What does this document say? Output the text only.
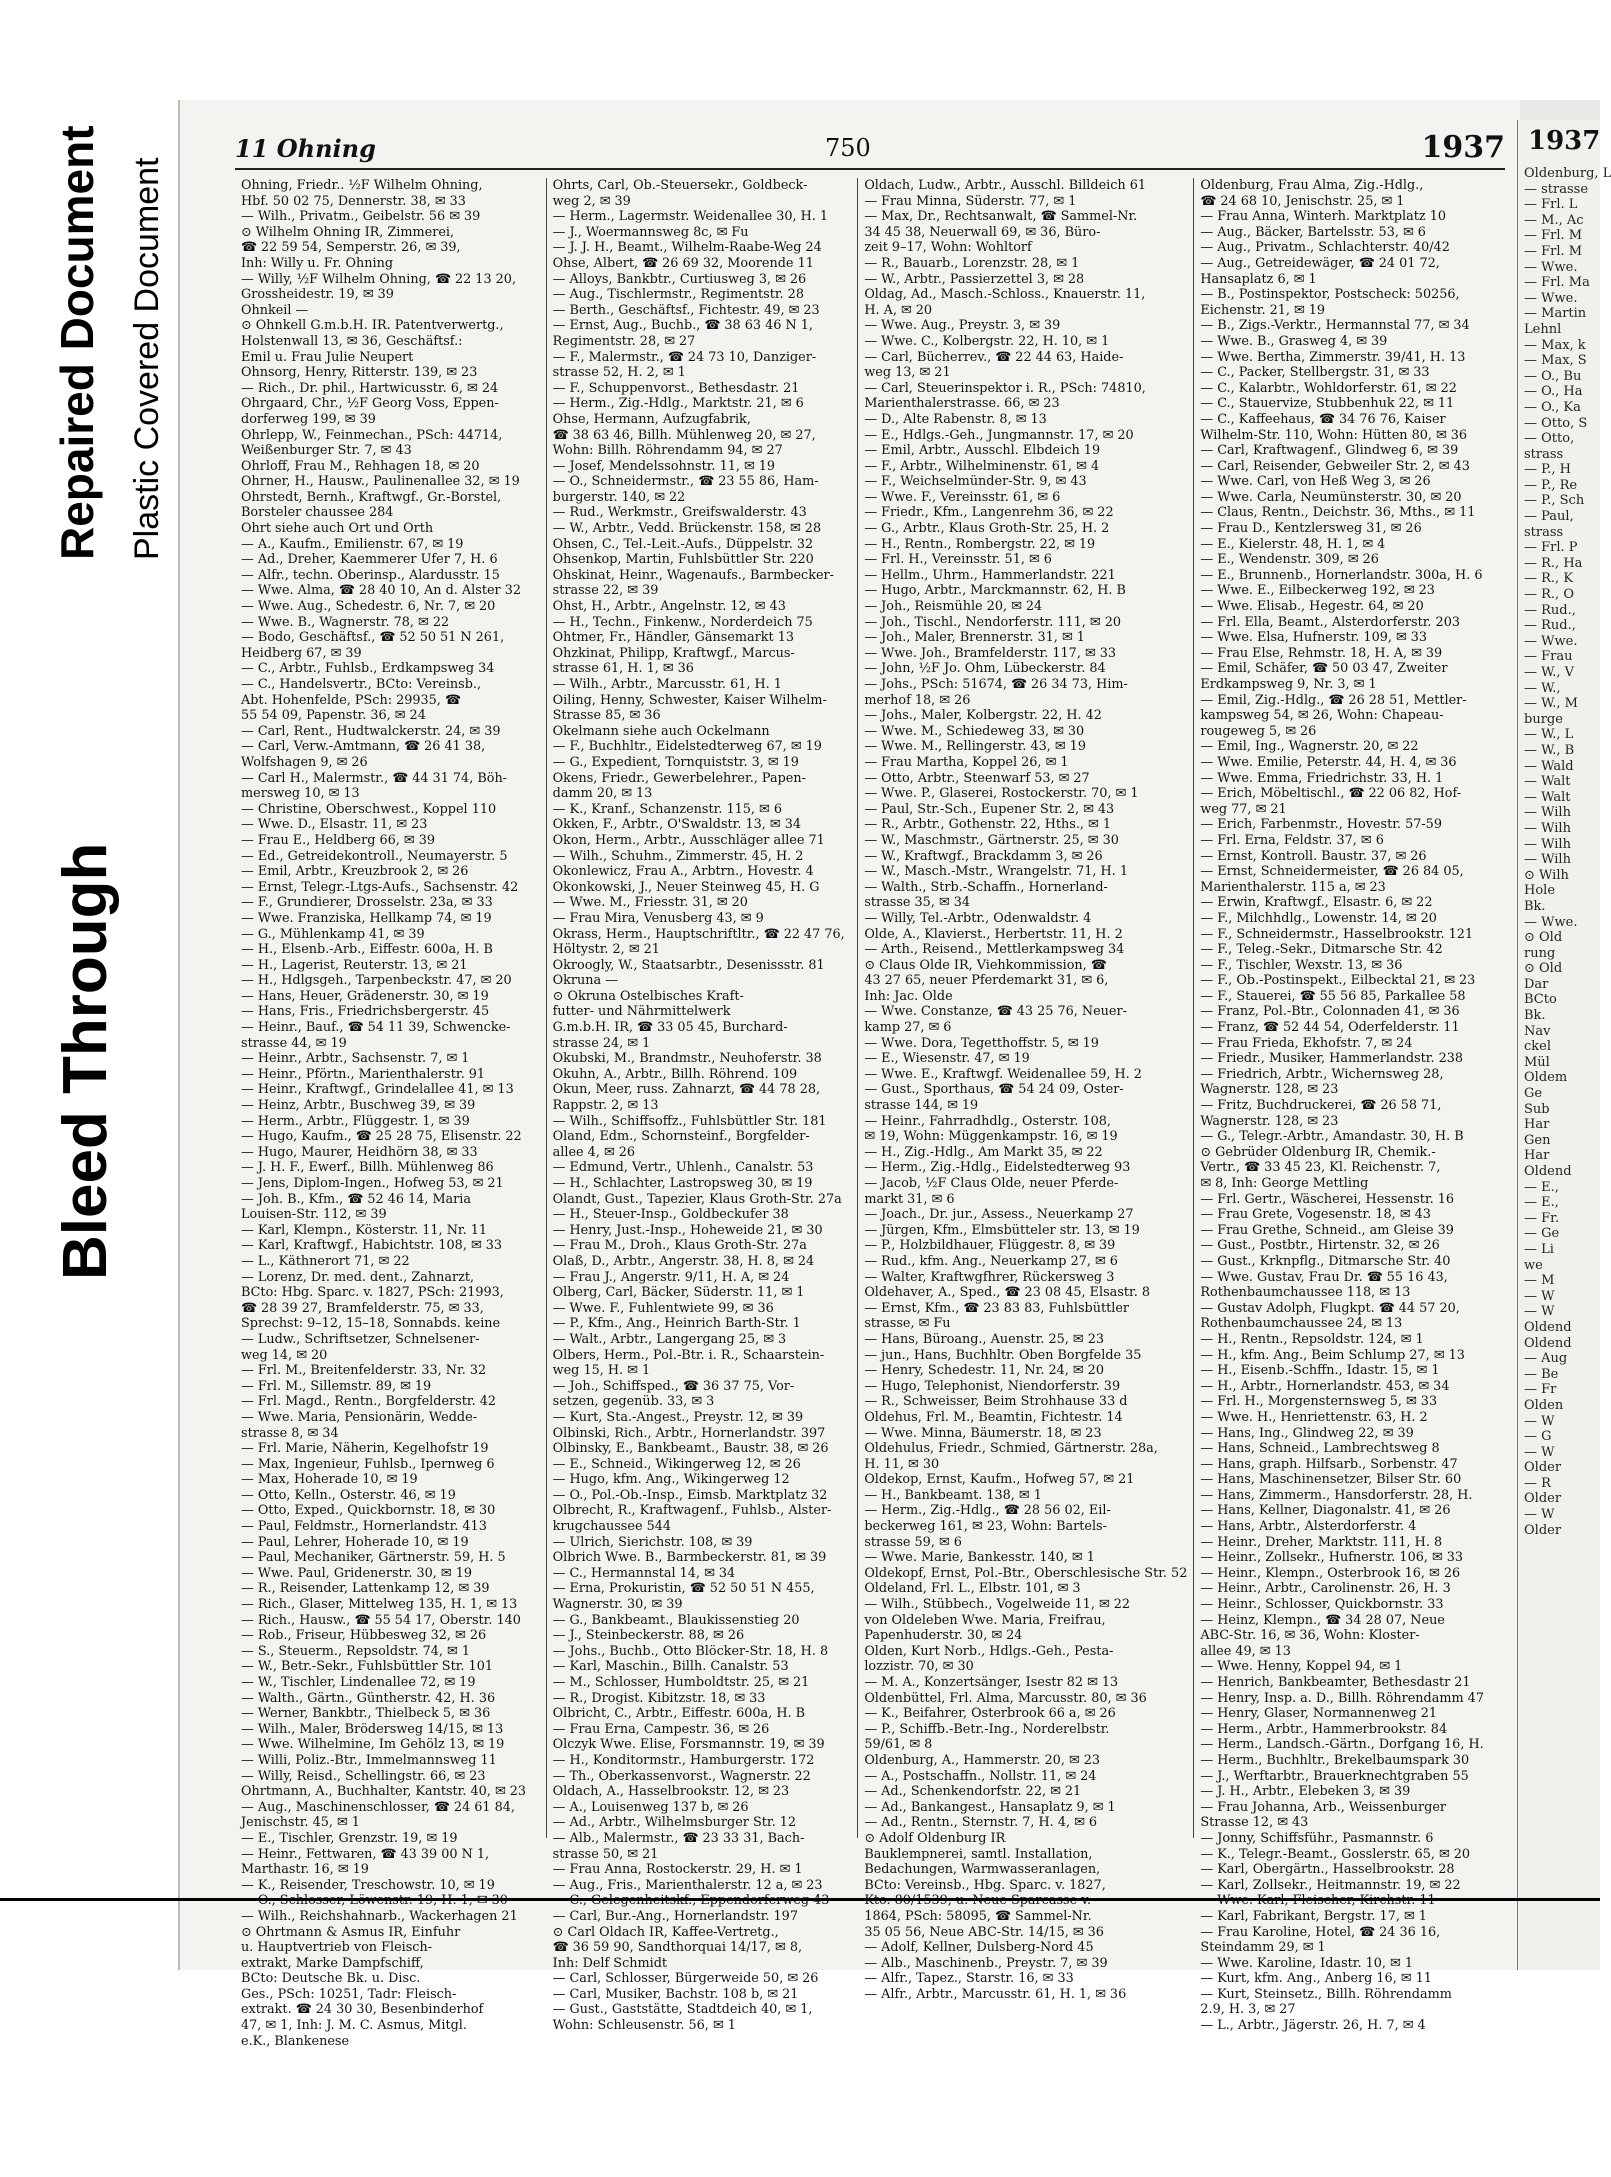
Bleed Through
Repaired Document Plastic Covered Document
11 Ohning	750	1937
Ohning, Friedr.. ½F Wilhelm Ohning,
Hbf. 50 02 75, Dennerstr. 38, ✉ 33
— Wilh., Privatm., Geibelstr. 56 ✉ 39
⊙ Wilhelm Ohning IR, Zimmerei,
☎ 22 59 54, Semperstr. 26, ✉ 39,
Inh: Willy u. Fr. Ohning
— Willy, ½F Wilhelm Ohning, ☎ 22 13 20,
Grossheidestr. 19, ✉ 39
Ohnkeil —
⊙ Ohnkell G.m.b.H. IR. Patentverwertg.,
Holstenwall 13, ✉ 36, Geschäftsf.:
Emil u. Frau Julie Neupert
Ohnsorg, Henry, Ritterstr. 139, ✉ 23
— Rich., Dr. phil., Hartwicusstr. 6, ✉ 24
Ohrgaard, Chr., ½F Georg Voss, Eppen-
dorferweg 199, ✉ 39
Ohrlepp, W., Feinmechan., PSch: 44714,
Weißenburger Str. 7, ✉ 43
Ohrloff, Frau M., Rehhagen 18, ✉ 20
Ohrner, H., Hausw., Paulinenallee 32, ✉ 19
Ohrstedt, Bernh., Kraftwgf., Gr.-Borstel,
Borsteler chaussee 284
Ohrt siehe auch Ort und Orth
— A., Kaufm., Emilienstr. 67, ✉ 19
— Ad., Dreher, Kaemmerer Ufer 7, H. 6
— Alfr., techn. Oberinsp., Alardusstr. 15
— Wwe. Alma, ☎ 28 40 10, An d. Alster 32
— Wwe. Aug., Schedestr. 6, Nr. 7, ✉ 20
— Wwe. B., Wagnerstr. 78, ✉ 22
— Bodo, Geschäftsf., ☎ 52 50 51 N 261,
Heidberg 67, ✉ 39
— C., Arbtr., Fuhlsb., Erdkampsweg 34
— C., Handelsvertr., BCto: Vereinsb.,
Abt. Hohenfelde, PSch: 29935, ☎
55 54 09, Papenstr. 36, ✉ 24
— Carl, Rent., Hudtwalckerstr. 24, ✉ 39
— Carl, Verw.-Amtmann, ☎ 26 41 38,
Wolfshagen 9, ✉ 26
— Carl H., Malermstr., ☎ 44 31 74, Böh-
mersweg 10, ✉ 13
— Christine, Oberschwest., Koppel 110
— Wwe. D., Elsastr. 11, ✉ 23
— Frau E., Heldberg 66, ✉ 39
— Ed., Getreidekontroll., Neumayerstr. 5
— Emil, Arbtr., Kreuzbrook 2, ✉ 26
— Ernst, Telegr.-Ltgs-Aufs., Sachsenstr. 42
— F., Grundierer, Drosselstr. 23a, ✉ 33
— Wwe. Franziska, Hellkamp 74, ✉ 19
— G., Mühlenkamp 41, ✉ 39
— H., Elsenb.-Arb., Eiffestr. 600a, H. B
— H., Lagerist, Reuterstr. 13, ✉ 21
— H., Hdlgsgeh., Tarpenbeckstr. 47, ✉ 20
— Hans, Heuer, Grädenerstr. 30, ✉ 19
— Hans, Fris., Friedrichsbergerstr. 45
— Heinr., Bauf., ☎ 54 11 39, Schwencke-
strasse 44, ✉ 19
— Heinr., Arbtr., Sachsenstr. 7, ✉ 1
— Heinr., Pförtn., Marienthalerstr. 91
— Heinr., Kraftwgf., Grindelallee 41, ✉ 13
— Heinz, Arbtr., Buschweg 39, ✉ 39
— Herm., Arbtr., Flüggestr. 1, ✉ 39
— Hugo, Kaufm., ☎ 25 28 75, Elisenstr. 22
— Hugo, Maurer, Heidhörn 38, ✉ 33
— J. H. F., Ewerf., Billh. Mühlenweg 86
— Jens, Diplom-Ingen., Hofweg 53, ✉ 21
— Joh. B., Kfm., ☎ 52 46 14, Maria
Louisen-Str. 112, ✉ 39
— Karl, Klempn., Kösterstr. 11, Nr. 11
— Karl, Kraftwgf., Habichtstr. 108, ✉ 33
— L., Käthnerort 71, ✉ 22
— Lorenz, Dr. med. dent., Zahnarzt,
BCto: Hbg. Sparc. v. 1827, PSch: 21993,
☎ 28 39 27, Bramfelderstr. 75, ✉ 33,
Sprechst: 9–12, 15–18, Sonnabds. keine
— Ludw., Schriftsetzer, Schnelsener-
weg 14, ✉ 20
— Frl. M., Breitenfelderstr. 33, Nr. 32
— Frl. M., Sillemstr. 89, ✉ 19
— Frl. Magd., Rentn., Borgfelderstr. 42
— Wwe. Maria, Pensionärin, Wedde-
strasse 8, ✉ 34
— Frl. Marie, Näherin, Kegelhofstr 19
— Max, Ingenieur, Fuhlsb., Ipernweg 6
— Max, Hoherade 10, ✉ 19
— Otto, Kelln., Osterstr. 46, ✉ 19
— Otto, Exped., Quickbornstr. 18, ✉ 30
— Paul, Feldmstr., Hornerlandstr. 413
— Paul, Lehrer, Hoherade 10, ✉ 19
— Paul, Mechaniker, Gärtnerstr. 59, H. 5
— Wwe. Paul, Gridenerstr. 30, ✉ 19
— R., Reisender, Lattenkamp 12, ✉ 39
— Rich., Glaser, Mittelweg 135, H. 1, ✉ 13
— Rich., Hausw., ☎ 55 54 17, Oberstr. 140
— Rob., Friseur, Hübbesweg 32, ✉ 26
— S., Steuerm., Repsoldstr. 74, ✉ 1
— W., Betr.-Sekr., Fuhlsbüttler Str. 101
— W., Tischler, Lindenallee 72, ✉ 19
— Walth., Gärtn., Güntherstr. 42, H. 36
— Werner, Bankbtr., Thielbeck 5, ✉ 36
— Wilh., Maler, Brödersweg 14/15, ✉ 13
— Wwe. Wilhelmine, Im Gehölz 13, ✉ 19
— Willi, Poliz.-Btr., Immelmannsweg 11
— Willy, Reisd., Schellingstr. 66, ✉ 23
Ohrtmann, A., Buchhalter, Kantstr. 40, ✉ 23
— Aug., Maschinenschlosser, ☎ 24 61 84,
Jenischstr. 45, ✉ 1
— E., Tischler, Grenzstr. 19, ✉ 19
— Heinr., Fettwaren, ☎ 43 39 00 N 1,
Marthastr. 16, ✉ 19
— K., Reisender, Treschowstr. 10, ✉ 19
— O., Schlosser, Löwenstr. 19, H. 1, ✉ 30
— Wilh., Reichshahnarb., Wackerhagen 21
⊙ Ohrtmann & Asmus IR, Einfuhr
u. Hauptvertrieb von Fleisch-
extrakt, Marke Dampfschiff,
BCto: Deutsche Bk. u. Disc.
Ges., PSch: 10251, Tadr: Fleisch-
extrakt. ☎ 24 30 30, Besenbinderhof
47, ✉ 1, Inh: J. M. C. Asmus, Mitgl.
e.K., Blankenese
Ohrts, Carl, Ob.-Steuersekr., Goldbeck-
weg 2, ✉ 39
— Herm., Lagermstr. Weidenallee 30, H. 1
— J., Woermannsweg 8c, ✉ Fu
— J. J. H., Beamt., Wilhelm-Raabe-Weg 24
Ohse, Albert, ☎ 26 69 32, Moorende 11
— Alloys, Bankbtr., Curtiusweg 3, ✉ 26
— Aug., Tischlermstr., Regimentstr. 28
— Berth., Geschäftsf., Fichtestr. 49, ✉ 23
— Ernst, Aug., Buchb., ☎ 38 63 46 N 1,
Regimentstr. 28, ✉ 27
— F., Malermstr., ☎ 24 73 10, Danziger-
strasse 52, H. 2, ✉ 1
— F., Schuppenvorst., Bethesdastr. 21
— Herm., Zig.-Hdlg., Marktstr. 21, ✉ 6
Ohse, Hermann, Aufzugfabrik,
☎ 38 63 46, Billh. Mühlenweg 20, ✉ 27,
Wohn: Billh. Röhrendamm 94, ✉ 27
— Josef, Mendelssohnstr. 11, ✉ 19
— O., Schneidermstr., ☎ 23 55 86, Ham-
burgerstr. 140, ✉ 22
— Rud., Werkmstr., Greifswalderstr. 43
— W., Arbtr., Vedd. Brückenstr. 158, ✉ 28
Ohsen, C., Tel.-Leit.-Aufs., Düppelstr. 32
Ohsenkop, Martin, Fuhlsbüttler Str. 220
Ohskinat, Heinr., Wagenaufs., Barmbecker-
strasse 22, ✉ 39
Ohst, H., Arbtr., Angelnstr. 12, ✉ 43
— H., Techn., Finkenw., Norderdeich 75
Ohtmer, Fr., Händler, Gänsemarkt 13
Ohzkinat, Philipp, Kraftwgf., Marcus-
strasse 61, H. 1, ✉ 36
— Wilh., Arbtr., Marcusstr. 61, H. 1
Oiling, Henny, Schwester, Kaiser Wilhelm-
Strasse 85, ✉ 36
Okelmann siehe auch Ockelmann
— F., Buchhltr., Eidelstedterweg 67, ✉ 19
— G., Expedient, Tornquiststr. 3, ✉ 19
Okens, Friedr., Gewerbelehrer., Papen-
damm 20, ✉ 13
— K., Kranf., Schanzenstr. 115, ✉ 6
Okken, F., Arbtr., O'Swaldstr. 13, ✉ 34
Okon, Herm., Arbtr., Ausschläger allee 71
— Wilh., Schuhm., Zimmerstr. 45, H. 2
Okonlewicz, Frau A., Arbtrn., Hovestr. 4
Okonkowski, J., Neuer Steinweg 45, H. G
— Wwe. M., Friesstr. 31, ✉ 20
— Frau Mira, Venusberg 43, ✉ 9
Okrass, Herm., Hauptschriftltr., ☎ 22 47 76,
Höltystr. 2, ✉ 21
Okroogly, W., Staatsarbtr., Desenissstr. 81
Okruna —
⊙ Okruna Ostelbisches Kraft-
futter- und Nährmittelwerk
G.m.b.H. IR, ☎ 33 05 45, Burchard-
strasse 24, ✉ 1
Okubski, M., Brandmstr., Neuhoferstr. 38
Okuhn, A., Arbtr., Billh. Röhrend. 109
Okun, Meer, russ. Zahnarzt, ☎ 44 78 28,
Rappstr. 2, ✉ 13
— Wilh., Schiffsoffz., Fuhlsbüttler Str. 181
Oland, Edm., Schornsteinf., Borgfelder-
allee 4, ✉ 26
— Edmund, Vertr., Uhlenh., Canalstr. 53
— H., Schlachter, Lastropsweg 30, ✉ 19
Olandt, Gust., Tapezier, Klaus Groth-Str. 27a
— H., Steuer-Insp., Goldbeckufer 38
— Henry, Just.-Insp., Hoheweide 21, ✉ 30
— Frau M., Droh., Klaus Groth-Str. 27a
Olaß, D., Arbtr., Angerstr. 38, H. 8, ✉ 24
— Frau J., Angerstr. 9/11, H. A, ✉ 24
Olberg, Carl, Bäcker, Süderstr. 11, ✉ 1
— Wwe. F., Fuhlentwiete 99, ✉ 36
— P., Kfm., Ang., Heinrich Barth-Str. 1
— Walt., Arbtr., Langergang 25, ✉ 3
Olbers, Herm., Pol.-Btr. i. R., Schaarstein-
weg 15, H. ✉ 1
— Joh., Schiffsped., ☎ 36 37 75, Vor-
setzen, gegenüb. 33, ✉ 3
— Kurt, Sta.-Angest., Preystr. 12, ✉ 39
Olbinski, Rich., Arbtr., Hornerlandstr. 397
Olbinsky, E., Bankbeamt., Baustr. 38, ✉ 26
— E., Schneid., Wikingerweg 12, ✉ 26
— Hugo, kfm. Ang., Wikingerweg 12
— O., Pol.-Ob.-Insp., Eimsb. Marktplatz 32
Olbrecht, R., Kraftwagenf., Fuhlsb., Alster-
krugchaussee 544
— Ulrich, Sierichstr. 108, ✉ 39
Olbrich Wwe. B., Barmbeckerstr. 81, ✉ 39
— C., Hermannstal 14, ✉ 34
— Erna, Prokuristin, ☎ 52 50 51 N 455,
Wagnerstr. 30, ✉ 39
— G., Bankbeamt., Blaukissenstieg 20
— J., Steinbeckerstr. 88, ✉ 26
— Johs., Buchb., Otto Blöcker-Str. 18, H. 8
— Karl, Maschin., Billh. Canalstr. 53
— M., Schlosser, Humboldtstr. 25, ✉ 21
— R., Drogist. Kibitzstr. 18, ✉ 33
Olbricht, C., Arbtr., Eiffestr. 600a, H. B
— Frau Erna, Campestr. 36, ✉ 26
Olczyk Wwe. Elise, Forsmannstr. 19, ✉ 39
— H., Konditormstr., Hamburgerstr. 172
— Th., Oberkassenvorst., Wagnerstr. 22
Oldach, A., Hasselbrookstr. 12, ✉ 23
— A., Louisenweg 137 b, ✉ 26
— Ad., Arbtr., Wilhelmsburger Str. 12
— Alb., Malermstr., ☎ 23 33 31, Bach-
strasse 50, ✉ 21
— Frau Anna, Rostockerstr. 29, H. ✉ 1
— Aug., Fris., Marienthalerstr. 12 a, ✉ 23
— C., Gelegenheitskf., Eppendorferweg 43
— Carl, Bur.-Ang., Hornerlandstr. 197
⊙ Carl Oldach IR, Kaffee-Vertretg.,
☎ 36 59 90, Sandthorquai 14/17, ✉ 8,
Inh: Delf Schmidt
— Carl, Schlosser, Bürgerweide 50, ✉ 26
— Carl, Musiker, Bachstr. 108 b, ✉ 21
— Gust., Gaststätte, Stadtdeich 40, ✉ 1,
Wohn: Schleusenstr. 56, ✉ 1
Oldach, Ludw., Arbtr., Ausschl. Billdeich 61
— Frau Minna, Süderstr. 77, ✉ 1
— Max, Dr., Rechtsanwalt, ☎ Sammel-Nr.
34 45 38, Neuerwall 69, ✉ 36, Büro-
zeit 9–17, Wohn: Wohltorf
— R., Bauarb., Lorenzstr. 28, ✉ 1
— W., Arbtr., Passierzettel 3, ✉ 28
Oldag, Ad., Masch.-Schloss., Knauerstr. 11,
H. A, ✉ 20
— Wwe. Aug., Preystr. 3, ✉ 39
— Wwe. C., Kolbergstr. 22, H. 10, ✉ 1
— Carl, Bücherrev., ☎ 22 44 63, Haide-
weg 13, ✉ 21
— Carl, Steuerinspektor i. R., PSch: 74810,
Marienthalerstrasse. 66, ✉ 23
— D., Alte Rabenstr. 8, ✉ 13
— E., Hdlgs.-Geh., Jungmannstr. 17, ✉ 20
— Emil, Arbtr., Ausschl. Elbdeich 19
— F., Arbtr., Wilhelminenstr. 61, ✉ 4
— F., Weichselmünder-Str. 9, ✉ 43
— Wwe. F., Vereinsstr. 61, ✉ 6
— Friedr., Kfm., Langenrehm 36, ✉ 22
— G., Arbtr., Klaus Groth-Str. 25, H. 2
— H., Rentn., Rombergstr. 22, ✉ 19
— Frl. H., Vereinsstr. 51, ✉ 6
— Hellm., Uhrm., Hammerlandstr. 221
— Hugo, Arbtr., Marckmannstr. 62, H. B
— Joh., Reismühle 20, ✉ 24
— Joh., Tischl., Nendorferstr. 111, ✉ 20
— Joh., Maler, Brennerstr. 31, ✉ 1
— Wwe. Joh., Bramfelderstr. 117, ✉ 33
— John, ½F Jo. Ohm, Lübeckerstr. 84
— Johs., PSch: 51674, ☎ 26 34 73, Him-
merhof 18, ✉ 26
— Johs., Maler, Kolbergstr. 22, H. 42
— Wwe. M., Schiedeweg 33, ✉ 30
— Wwe. M., Rellingerstr. 43, ✉ 19
— Frau Martha, Koppel 26, ✉ 1
— Otto, Arbtr., Steenwarf 53, ✉ 27
— Wwe. P., Glaserei, Rostockerstr. 70, ✉ 1
— Paul, Str.-Sch., Eupener Str. 2, ✉ 43
— R., Arbtr., Gothenstr. 22, Hths., ✉ 1
— W., Maschmstr., Gärtnerstr. 25, ✉ 30
— W., Kraftwgf., Brackdamm 3, ✉ 26
— W., Masch.-Mstr., Wrangelstr. 71, H. 1
— Walth., Strb.-Schaffn., Hornerland-
strasse 35, ✉ 34
— Willy, Tel.-Arbtr., Odenwaldstr. 4
Olde, A., Klavierst., Herbertstr. 11, H. 2
— Arth., Reisend., Mettlerkampsweg 34
⊙ Claus Olde IR, Viehkommission, ☎
43 27 65, neuer Pferdemarkt 31, ✉ 6,
Inh: Jac. Olde
— Wwe. Constanze, ☎ 43 25 76, Neuer-
kamp 27, ✉ 6
— Wwe. Dora, Tegetthoffstr. 5, ✉ 19
— E., Wiesenstr. 47, ✉ 19
— Wwe. E., Kraftwgf. Weidenallee 59, H. 2
— Gust., Sporthaus, ☎ 54 24 09, Oster-
strasse 144, ✉ 19
— Heinr., Fahrradhdlg., Osterstr. 108,
✉ 19, Wohn: Müggenkampstr. 16, ✉ 19
— H., Zig.-Hdlg., Am Markt 35, ✉ 22
— Herm., Zig.-Hdlg., Eidelstedterweg 93
— Jacob, ½F Claus Olde, neuer Pferde-
markt 31, ✉ 6
— Joach., Dr. jur., Assess., Neuerkamp 27
— Jürgen, Kfm., Elmsbütteler str. 13, ✉ 19
— P., Holzbildhauer, Flüggestr. 8, ✉ 39
— Rud., kfm. Ang., Neuerkamp 27, ✉ 6
— Walter, Kraftwgfhrer, Rückersweg 3
Oldehaver, A., Sped., ☎ 23 08 45, Elsastr. 8
— Ernst, Kfm., ☎ 23 83 83, Fuhlsbüttler
strasse, ✉ Fu
— Hans, Büroang., Auenstr. 25, ✉ 23
— jun., Hans, Buchhltr. Oben Borgfelde 35
— Henry, Schedestr. 11, Nr. 24, ✉ 20
— Hugo, Telephonist, Niendorferstr. 39
— R., Schweisser, Beim Strohhause 33 d
Oldehus, Frl. M., Beamtin, Fichtestr. 14
— Wwe. Minna, Bäumerstr. 18, ✉ 23
Oldehulus, Friedr., Schmied, Gärtnerstr. 28a,
H. 11, ✉ 30
Oldekop, Ernst, Kaufm., Hofweg 57, ✉ 21
— H., Bankbeamt. 138, ✉ 1
— Herm., Zig.-Hdlg., ☎ 28 56 02, Eil-
beckerweg 161, ✉ 23, Wohn: Bartels-
strasse 59, ✉ 6
— Wwe. Marie, Bankesstr. 140, ✉ 1
Oldekopf, Ernst, Pol.-Btr., Oberschlesische Str. 52
Oldeland, Frl. L., Elbstr. 101, ✉ 3
— Wilh., Stübbech., Vogelweide 11, ✉ 22
von Oldeleben Wwe. Maria, Freifrau,
Papenhuderstr. 30, ✉ 24
Olden, Kurt Norb., Hdlgs.-Geh., Pesta-
lozzistr. 70, ✉ 30
— M. A., Konzertsänger, Isestr 82 ✉ 13
Oldenbüttel, Frl. Alma, Marcusstr. 80, ✉ 36
— K., Beifahrer, Osterbrook 66 a, ✉ 26
— P., Schiffb.-Betr.-Ing., Norderelbstr.
59/61, ✉ 8
Oldenburg, A., Hammerstr. 20, ✉ 23
— A., Postschaffn., Nollstr. 11, ✉ 24
— Ad., Schenkendorfstr. 22, ✉ 21
— Ad., Bankangest., Hansaplatz 9, ✉ 1
— Ad., Rentn., Sternstr. 7, H. 4, ✉ 6
⊙ Adolf Oldenburg IR
Bauklempnerei, samtl. Installation,
Bedachungen, Warmwasseranlagen,
BCto: Vereinsb., Hbg. Sparc. v. 1827,
Kto. 80/1539, u. Neue Sparcasse v.
1864, PSch: 58095, ☎ Sammel-Nr.
35 05 56, Neue ABC-Str. 14/15, ✉ 36
— Adolf, Kellner, Dulsberg-Nord 45
— Alb., Maschinenb., Preystr. 7, ✉ 39
— Alfr., Tapez., Starstr. 16, ✉ 33
— Alfr., Arbtr., Marcusstr. 61, H. 1, ✉ 36
Oldenburg, Frau Alma, Zig.-Hdlg.,
☎ 24 68 10, Jenischstr. 25, ✉ 1
— Frau Anna, Winterh. Marktplatz 10
— Aug., Bäcker, Bartelsstr. 53, ✉ 6
— Aug., Privatm., Schlachterstr. 40/42
— Aug., Getreidewäger, ☎ 24 01 72,
Hansaplatz 6, ✉ 1
— B., Postinspektor, Postscheck: 50256,
Eichenstr. 21, ✉ 19
— B., Zigs.-Verktr., Hermannstal 77, ✉ 34
— Wwe. B., Grasweg 4, ✉ 39
— Wwe. Bertha, Zimmerstr. 39/41, H. 13
— C., Packer, Stellbergstr. 31, ✉ 33
— C., Kalarbtr., Wohldorferstr. 61, ✉ 22
— C., Stauervize, Stubbenhuk 22, ✉ 11
— C., Kaffeehaus, ☎ 34 76 76, Kaiser
Wilhelm-Str. 110, Wohn: Hütten 80, ✉ 36
— Carl, Kraftwagenf., Glindweg 6, ✉ 39
— Carl, Reisender, Gebweiler Str. 2, ✉ 43
— Wwe. Carl, von Heß Weg 3, ✉ 26
— Wwe. Carla, Neumünsterstr. 30, ✉ 20
— Claus, Rentn., Deichstr. 36, Mths., ✉ 11
— Frau D., Kentzlersweg 31, ✉ 26
— E., Kielerstr. 48, H. 1, ✉ 4
— E., Wendenstr. 309, ✉ 26
— E., Brunnenb., Hornerlandstr. 300a, H. 6
— Wwe. E., Eilbeckerweg 192, ✉ 23
— Wwe. Elisab., Hegestr. 64, ✉ 20
— Frl. Ella, Beamt., Alsterdorferstr. 203
— Wwe. Elsa, Hufnerstr. 109, ✉ 33
— Frau Else, Rehmstr. 18, H. A, ✉ 39
— Emil, Schäfer, ☎ 50 03 47, Zweiter
Erdkampsweg 9, Nr. 3, ✉ 1
— Emil, Zig.-Hdlg., ☎ 26 28 51, Mettler-
kampsweg 54, ✉ 26, Wohn: Chapeau-
rougeweg 5, ✉ 26
— Emil, Ing., Wagnerstr. 20, ✉ 22
— Wwe. Emilie, Peterstr. 44, H. 4, ✉ 36
— Wwe. Emma, Friedrichstr. 33, H. 1
— Erich, Möbeltischl., ☎ 22 06 82, Hof-
weg 77, ✉ 21
— Erich, Farbenmstr., Hovestr. 57-59
— Frl. Erna, Feldstr. 37, ✉ 6
— Ernst, Kontroll. Baustr. 37, ✉ 26
— Ernst, Schneidermeister, ☎ 26 84 05,
Marienthalerstr. 115 a, ✉ 23
— Erwin, Kraftwgf., Elsastr. 6, ✉ 22
— F., Milchhdlg., Lowenstr. 14, ✉ 20
— F., Schneidermstr., Hasselbrookstr. 121
— F., Teleg.-Sekr., Ditmarsche Str. 42
— F., Tischler, Wexstr. 13, ✉ 36
— F., Ob.-Postinspekt., Eilbecktal 21, ✉ 23
— F., Stauerei, ☎ 55 56 85, Parkallee 58
— Franz, Pol.-Btr., Colonnaden 41, ✉ 36
— Franz, ☎ 52 44 54, Oderfelderstr. 11
— Frau Frieda, Ekhofstr. 7, ✉ 24
— Friedr., Musiker, Hammerlandstr. 238
— Friedrich, Arbtr., Wichernsweg 28,
Wagnerstr. 128, ✉ 23
— Fritz, Buchdruckerei, ☎ 26 58 71,
Wagnerstr. 128, ✉ 23
— G., Telegr.-Arbtr., Amandastr. 30, H. B
⊙ Gebrüder Oldenburg IR, Chemik.-
Vertr., ☎ 33 45 23, Kl. Reichenstr. 7,
✉ 8, Inh: George Mettling
— Frl. Gertr., Wäscherei, Hessenstr. 16
— Frau Grete, Vogesenstr. 18, ✉ 43
— Frau Grethe, Schneid., am Gleise 39
— Gust., Postbtr., Hirtenstr. 32, ✉ 26
— Gust., Krknpflg., Ditmarsche Str. 40
— Wwe. Gustav, Frau Dr. ☎ 55 16 43,
Rothenbaumchaussee 118, ✉ 13
— Gustav Adolph, Flugkpt. ☎ 44 57 20,
Rothenbaumchaussee 24, ✉ 13
— H., Rentn., Repsoldstr. 124, ✉ 1
— H., kfm. Ang., Beim Schlump 27, ✉ 13
— H., Eisenb.-Schffn., Idastr. 15, ✉ 1
— H., Arbtr., Hornerlandstr. 453, ✉ 34
— Frl. H., Morgensternsweg 5, ✉ 33
— Wwe. H., Henriettenstr. 63, H. 2
— Hans, Ing., Glindweg 22, ✉ 39
— Hans, Schneid., Lambrechtsweg 8
— Hans, graph. Hilfsarb., Sorbenstr. 47
— Hans, Maschinensetzer, Bilser Str. 60
— Hans, Zimmerm., Hansdorferstr. 28, H.
— Hans, Kellner, Diagonalstr. 41, ✉ 26
— Hans, Arbtr., Alsterdorferstr. 4
— Heinr., Dreher, Marktstr. 111, H. 8
— Heinr., Zollsekr., Hufnerstr. 106, ✉ 33
— Heinr., Klempn., Osterbrook 16, ✉ 26
— Heinr., Arbtr., Carolinenstr. 26, H. 3
— Heinr., Schlosser, Quickbornstr. 33
— Heinz, Klempn., ☎ 34 28 07, Neue
ABC-Str. 16, ✉ 36, Wohn: Kloster-
allee 49, ✉ 13
— Wwe. Henny, Koppel 94, ✉ 1
— Henrich, Bankbeamter, Bethesdastr 21
— Henry, Insp. a. D., Billh. Röhrendamm 47
— Henry, Glaser, Normannenweg 21
— Herm., Arbtr., Hammerbrookstr. 84
— Herm., Landsch.-Gärtn., Dorfgang 16, H.
— Herm., Buchhltr., Brekelbaumspark 30
— J., Werftarbtr., Brauerknechtgraben 55
— J. H., Arbtr., Elebeken 3, ✉ 39
— Frau Johanna, Arb., Weissenburger
Strasse 12, ✉ 43
— Jonny, Schiffsführ., Pasmannstr. 6
— K., Telegr.-Beamt., Gosslerstr. 65, ✉ 20
— Karl, Obergärtn., Hasselbrookstr. 28
— Karl, Zollsekr., Heitmannstr. 19, ✉ 22
— Wwe. Karl, Fleischer, Kirchstr. 11
— Karl, Fabrikant, Bergstr. 17, ✉ 1
— Frau Karoline, Hotel, ☎ 24 36 16,
Steindamm 29, ✉ 1
— Wwe. Karoline, Idastr. 10, ✉ 1
— Kurt, kfm. Ang., Anberg 16, ✉ 11
— Kurt, Steinsetz., Billh. Röhrendamm
2.9, H. 3, ✉ 27
— L., Arbtr., Jägerstr. 26, H. 7, ✉ 4
1937
Oldenburg, L
— strasse
— Frl. L
— M., Ac
— Frl. M
— Frl. M
— Wwe.
— Frl. Ma
— Wwe.
— Martin
Lehnl
— Max, k
— Max, S
— O., Bu
— O., Ha
— O., Ka
— Otto, S
— Otto,
strass
— P., H
— P., Re
— P., Sch
— Paul,
strass
— Frl. P
— R., Ha
— R., K
— R., O
— Rud.,
— Rud.,
— Wwe.
— Frau
— W., V
— W.,
— W., M
burge
— W., L
— W., B
— Wald
— Walt
— Walt
— Wilh
— Wilh
— Wilh
— Wilh
⊙ Wilh
Hole
Bk.
— Wwe.
⊙ Old
rung
⊙ Old
Dar
BCto
Bk.
Nav
ckel
Mül
Oldem
Ge
Sub
Har
Gen
Har
Oldend
— E.,
— E.,
— Fr.
— Ge
— Li
we
— M
— W
— W
Oldend
Oldend
— Aug
— Be
— Fr
Olden
— W
— G
— W
Older
— R
Older
— W
Older
